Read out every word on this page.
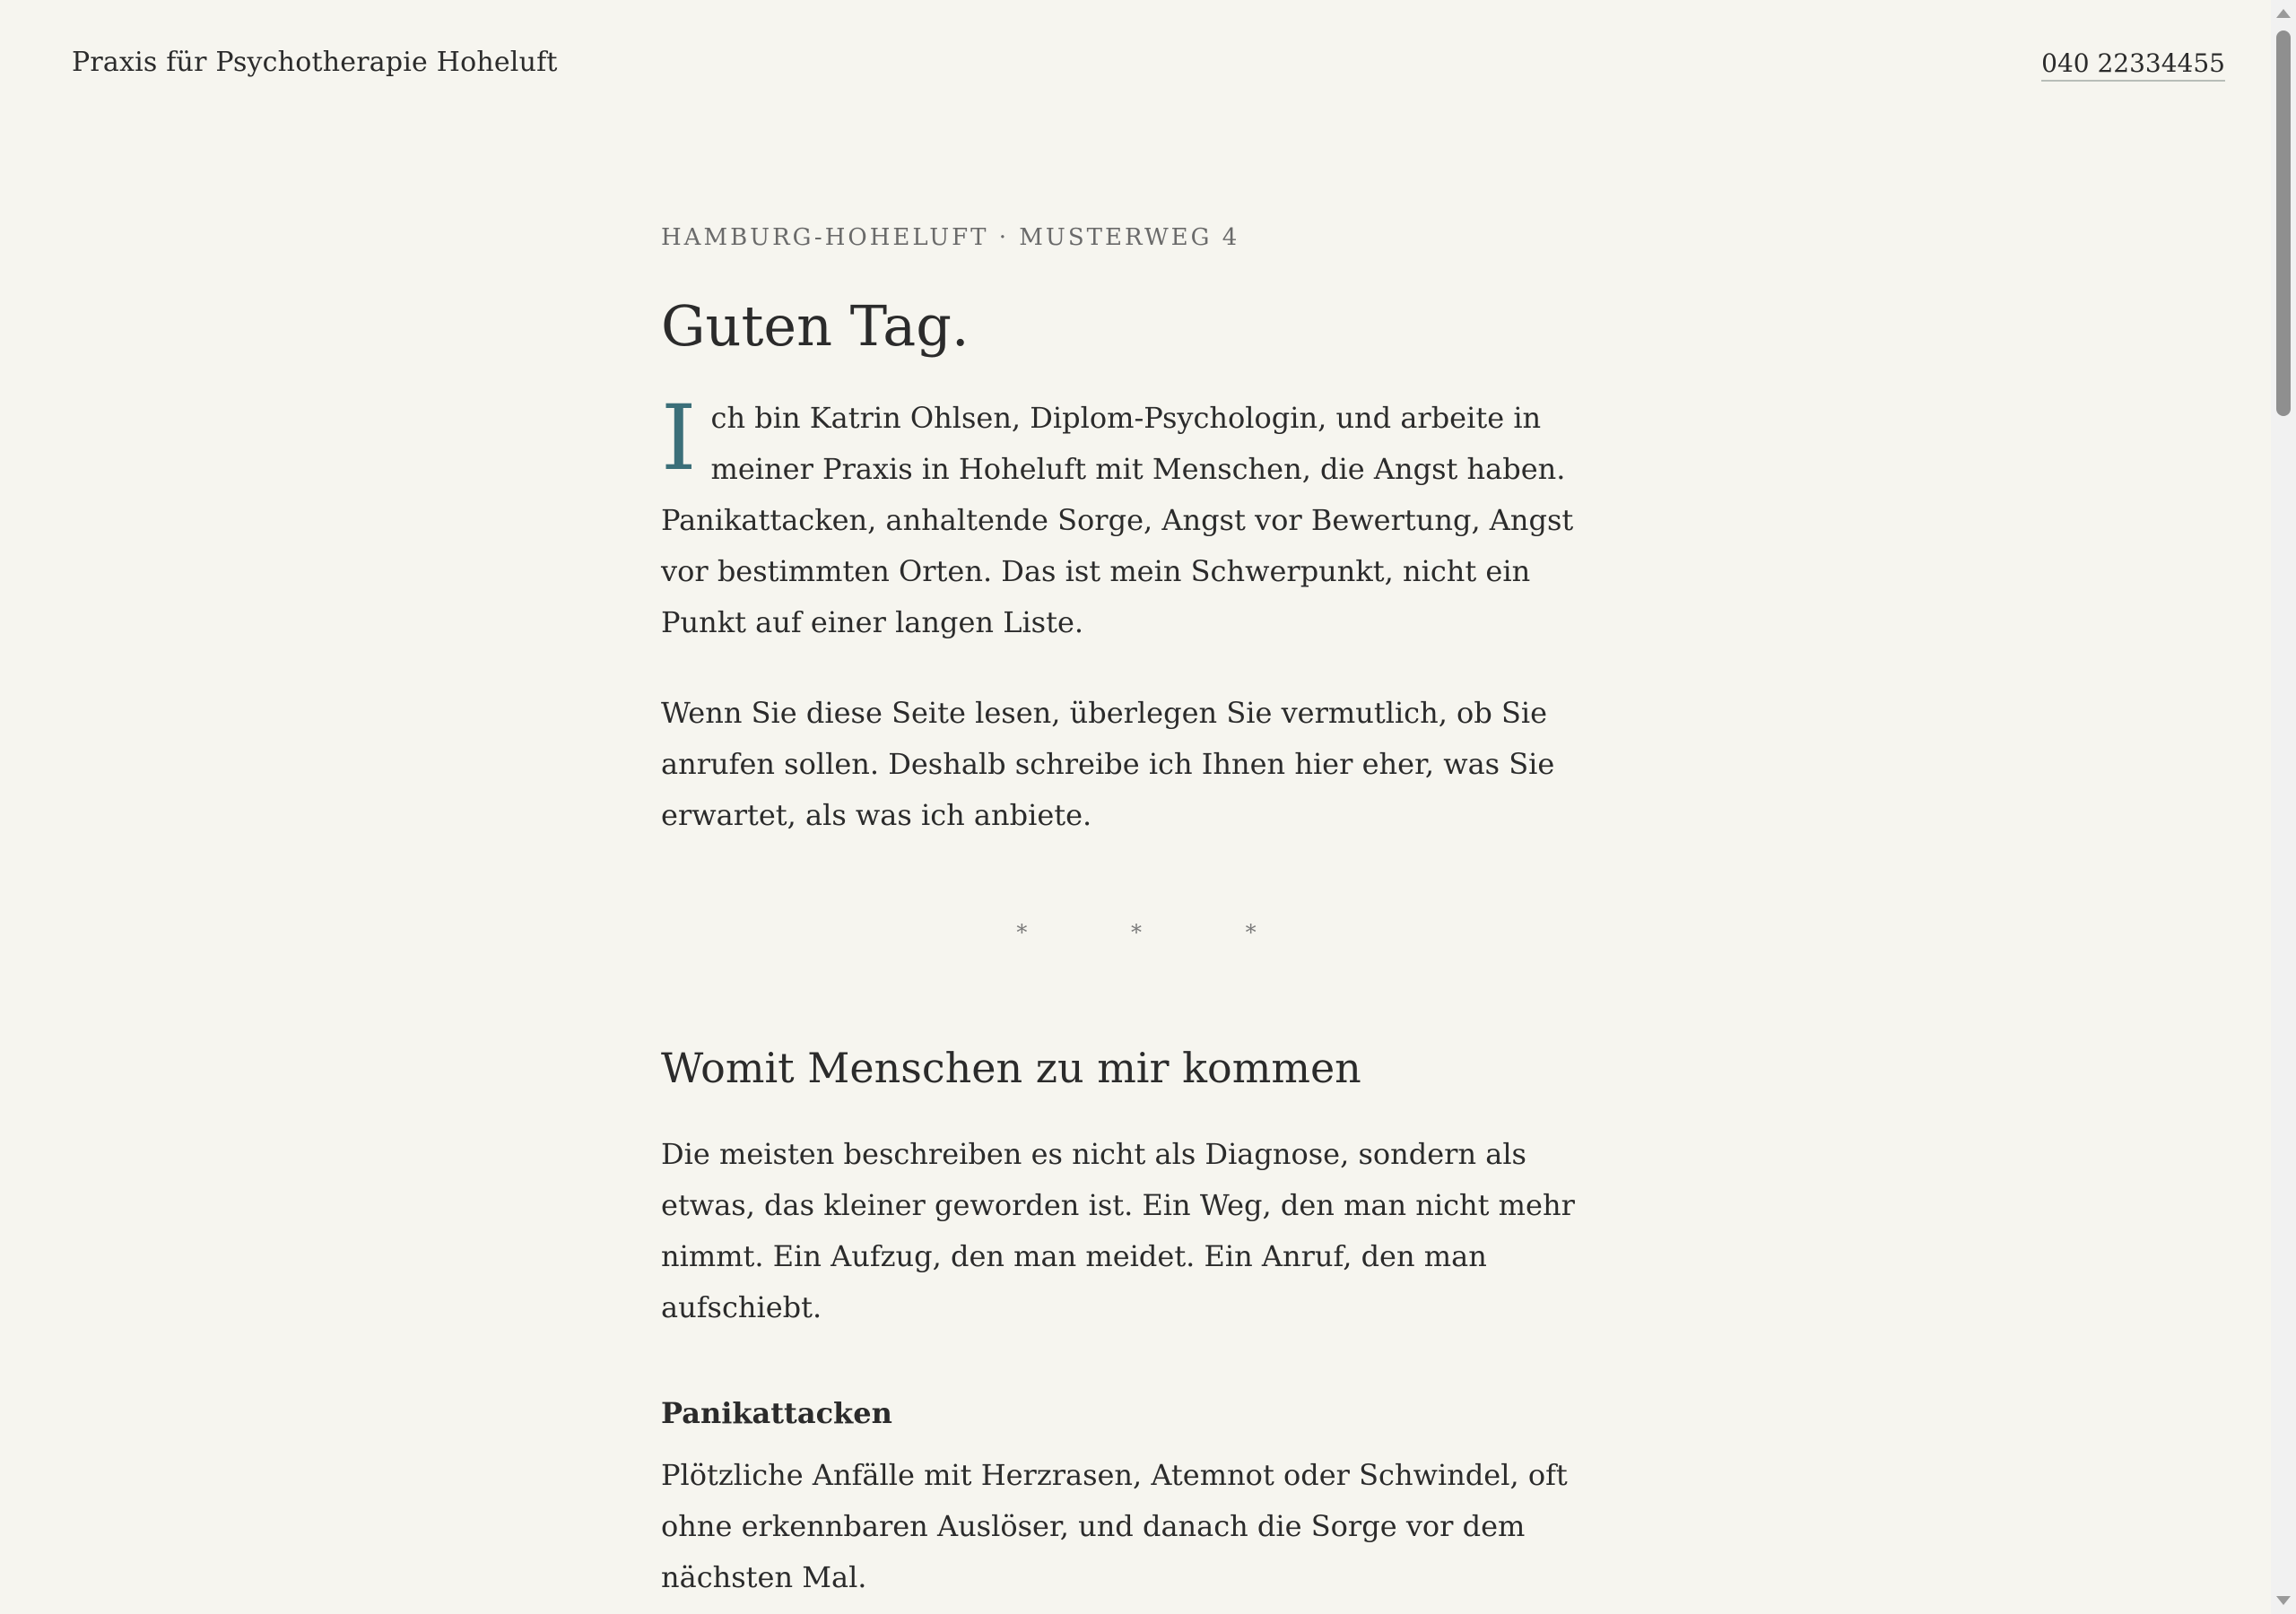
Praxis für Psychotherapie Hoheluft	040 22334455

HAMBURG-HOHELUFT · MUSTERWEG 4

Guten Tag.

Ich bin Katrin Ohlsen, Diplom-Psychologin, und arbeite in meiner Praxis in Hoheluft mit Menschen, die Angst haben. Panikattacken, anhaltende Sorge, Angst vor Bewertung, Angst vor bestimmten Orten. Das ist mein Schwerpunkt, nicht ein Punkt auf einer langen Liste.

Wenn Sie diese Seite lesen, überlegen Sie vermutlich, ob Sie anrufen sollen. Deshalb schreibe ich Ihnen hier eher, was Sie erwartet, als was ich anbiete.

* * *
Womit Menschen zu mir kommen

Die meisten beschreiben es nicht als Diagnose, sondern als etwas, das kleiner geworden ist. Ein Weg, den man nicht mehr nimmt. Ein Aufzug, den man meidet. Ein Anruf, den man aufschiebt.

Panikattacken

Plötzliche Anfälle mit Herzrasen, Atemnot oder Schwindel, oft ohne erkennbaren Auslöser, und danach die Sorge vor dem nächsten Mal.
